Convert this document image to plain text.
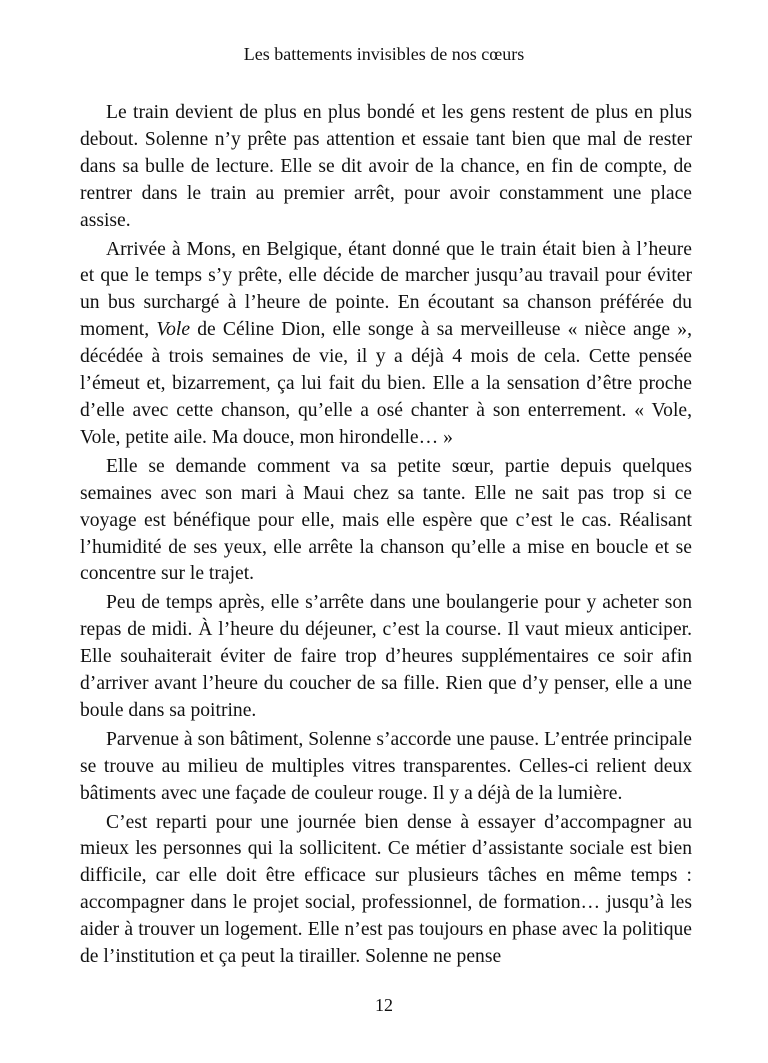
Les battements invisibles de nos cœurs

Le train devient de plus en plus bondé et les gens restent de plus en plus debout. Solenne n’y prête pas attention et essaie tant bien que mal de rester dans sa bulle de lecture. Elle se dit avoir de la chance, en fin de compte, de rentrer dans le train au premier arrêt, pour avoir constamment une place assise.

Arrivée à Mons, en Belgique, étant donné que le train était bien à l’heure et que le temps s’y prête, elle décide de marcher jusqu’au travail pour éviter un bus surchargé à l’heure de pointe. En écoutant sa chanson préférée du moment, Vole de Céline Dion, elle songe à sa merveilleuse « nièce ange », décédée à trois semaines de vie, il y a déjà 4 mois de cela. Cette pensée l’émeut et, bizarrement, ça lui fait du bien. Elle a la sensation d’être proche d’elle avec cette chanson, qu’elle a osé chanter à son enterrement. « Vole, Vole, petite aile. Ma douce, mon hirondelle… »

Elle se demande comment va sa petite sœur, partie depuis quelques semaines avec son mari à Maui chez sa tante. Elle ne sait pas trop si ce voyage est bénéfique pour elle, mais elle espère que c’est le cas. Réalisant l’humidité de ses yeux, elle arrête la chanson qu’elle a mise en boucle et se concentre sur le trajet.

Peu de temps après, elle s’arrête dans une boulangerie pour y acheter son repas de midi. À l’heure du déjeuner, c’est la course. Il vaut mieux anticiper. Elle souhaiterait éviter de faire trop d’heures supplémentaires ce soir afin d’arriver avant l’heure du coucher de sa fille. Rien que d’y penser, elle a une boule dans sa poitrine.

Parvenue à son bâtiment, Solenne s’accorde une pause. L’entrée principale se trouve au milieu de multiples vitres transparentes. Celles-ci relient deux bâtiments avec une façade de couleur rouge. Il y a déjà de la lumière.

C’est reparti pour une journée bien dense à essayer d’accompagner au mieux les personnes qui la sollicitent. Ce métier d’assistante sociale est bien difficile, car elle doit être efficace sur plusieurs tâches en même temps : accompagner dans le projet social, professionnel, de formation… jusqu’à les aider à trouver un logement. Elle n’est pas toujours en phase avec la politique de l’institution et ça peut la tirailler. Solenne ne pense

12
